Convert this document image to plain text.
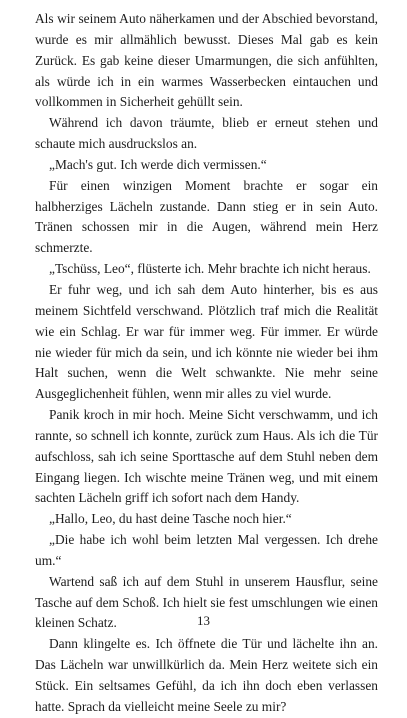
Als wir seinem Auto näherkamen und der Abschied bevorstand, wurde es mir allmählich bewusst. Dieses Mal gab es kein Zurück. Es gab keine dieser Umarmungen, die sich anfühlten, als würde ich in ein warmes Wasserbecken eintauchen und vollkommen in Sicherheit gehüllt sein.

Während ich davon träumte, blieb er erneut stehen und schaute mich ausdruckslos an.

„Mach's gut. Ich werde dich vermissen.“

Für einen winzigen Moment brachte er sogar ein halbherziges Lächeln zustande. Dann stieg er in sein Auto. Tränen schossen mir in die Augen, während mein Herz schmerzte.

„Tschüss, Leo“, flüsterte ich. Mehr brachte ich nicht heraus.

Er fuhr weg, und ich sah dem Auto hinterher, bis es aus meinem Sichtfeld verschwand. Plötzlich traf mich die Realität wie ein Schlag. Er war für immer weg. Für immer. Er würde nie wieder für mich da sein, und ich könnte nie wieder bei ihm Halt suchen, wenn die Welt schwankte. Nie mehr seine Ausgeglichenheit fühlen, wenn mir alles zu viel wurde.

Panik kroch in mir hoch. Meine Sicht verschwamm, und ich rannte, so schnell ich konnte, zurück zum Haus. Als ich die Tür aufschloss, sah ich seine Sporttasche auf dem Stuhl neben dem Eingang liegen. Ich wischte meine Tränen weg, und mit einem sachten Lächeln griff ich sofort nach dem Handy.

„Hallo, Leo, du hast deine Tasche noch hier.“

„Die habe ich wohl beim letzten Mal vergessen. Ich drehe um.“

Wartend saß ich auf dem Stuhl in unserem Hausflur, seine Tasche auf dem Schoß. Ich hielt sie fest umschlungen wie einen kleinen Schatz.

Dann klingelte es. Ich öffnete die Tür und lächelte ihn an. Das Lächeln war unwillkürlich da. Mein Herz weitete sich ein Stück. Ein seltsames Gefühl, da ich ihn doch eben verlassen hatte. Sprach da vielleicht meine Seele zu mir?

13
